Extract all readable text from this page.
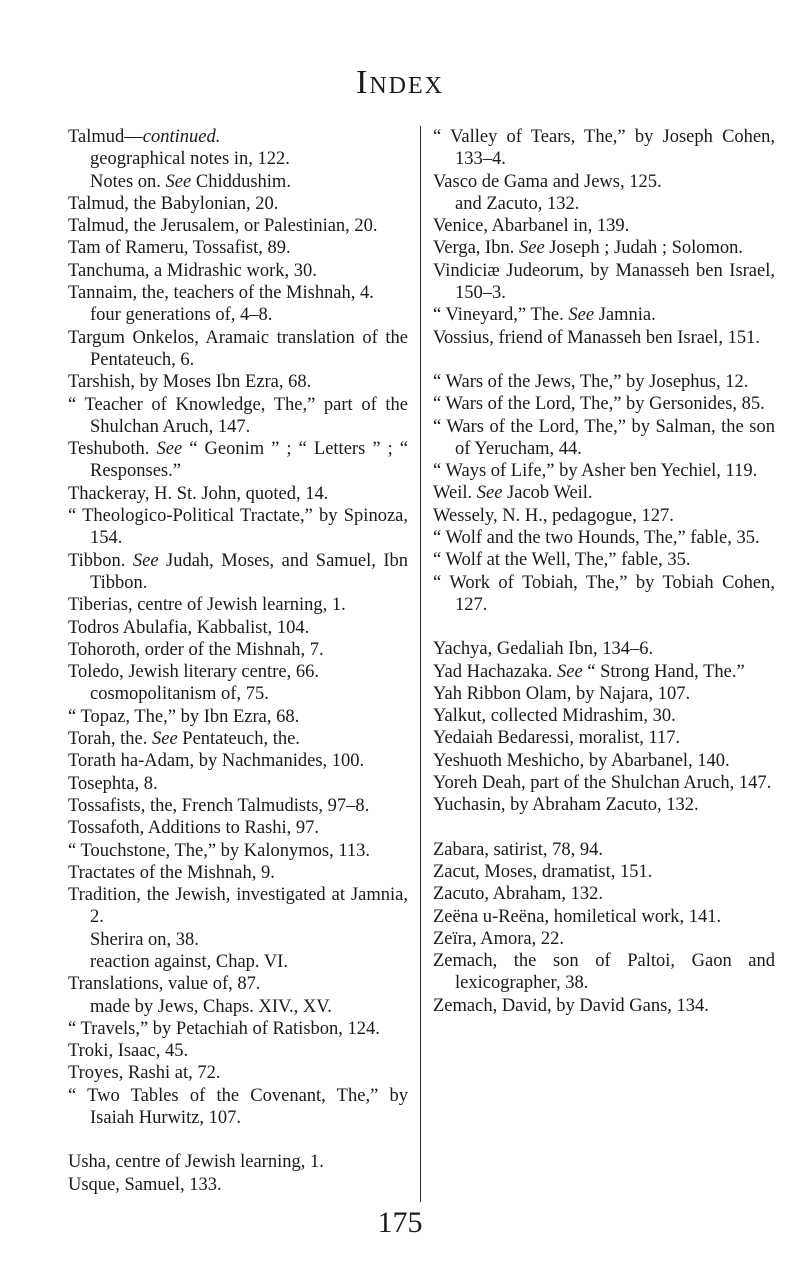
Index

Talmud—continued.

geographical notes in, 122.

Notes on. See Chiddushim.

Talmud, the Babylonian, 20.

Talmud, the Jerusalem, or Palestinian, 20.

Tam of Rameru, Tossafist, 89.

Tanchuma, a Midrashic work, 30.

Tannaim, the, teachers of the Mishnah, 4.

four generations of, 4–8.

Targum Onkelos, Aramaic translation of the Pentateuch, 6.

Tarshish, by Moses Ibn Ezra, 68.

“ Teacher of Knowledge, The,” part of the Shulchan Aruch, 147.

Teshuboth. See “ Geonim ” ; “ Letters ” ; “ Responses.”

Thackeray, H. St. John, quoted, 14.

“ Theologico-Political Tractate,” by Spinoza, 154.

Tibbon. See Judah, Moses, and Samuel, Ibn Tibbon.

Tiberias, centre of Jewish learning, 1.

Todros Abulafia, Kabbalist, 104.

Tohoroth, order of the Mishnah, 7.

Toledo, Jewish literary centre, 66.

cosmopolitanism of, 75.

“ Topaz, The,” by Ibn Ezra, 68.

Torah, the. See Pentateuch, the.

Torath ha-Adam, by Nachmanides, 100.

Tosephta, 8.

Tossafists, the, French Talmudists, 97–8.

Tossafoth, Additions to Rashi, 97.

“ Touchstone, The,” by Kalonymos, 113.

Tractates of the Mishnah, 9.

Tradition, the Jewish, investigated at Jamnia, 2.

Sherira on, 38.

reaction against, Chap. VI.

Translations, value of, 87.

made by Jews, Chaps. XIV., XV.

“ Travels,” by Petachiah of Ratisbon, 124.

Troki, Isaac, 45.

Troyes, Rashi at, 72.

“ Two Tables of the Covenant, The,” by Isaiah Hurwitz, 107.

Usha, centre of Jewish learning, 1.

Usque, Samuel, 133.

“ Valley of Tears, The,” by Joseph Cohen, 133–4.

Vasco de Gama and Jews, 125.

and Zacuto, 132.

Venice, Abarbanel in, 139.

Verga, Ibn. See Joseph ; Judah ; Solomon.

Vindiciæ Judeorum, by Manasseh ben Israel, 150–3.

“ Vineyard,” The. See Jamnia.

Vossius, friend of Manasseh ben Israel, 151.

“ Wars of the Jews, The,” by Josephus, 12.

“ Wars of the Lord, The,” by Gersonides, 85.

“ Wars of the Lord, The,” by Salman, the son of Yerucham, 44.

“ Ways of Life,” by Asher ben Yechiel, 119.

Weil. See Jacob Weil.

Wessely, N. H., pedagogue, 127.

“ Wolf and the two Hounds, The,” fable, 35.

“ Wolf at the Well, The,” fable, 35.

“ Work of Tobiah, The,” by Tobiah Cohen, 127.

Yachya, Gedaliah Ibn, 134–6.

Yad Hachazaka. See “ Strong Hand, The.”

Yah Ribbon Olam, by Najara, 107.

Yalkut, collected Midrashim, 30.

Yedaiah Bedaressi, moralist, 117.

Yeshuoth Meshicho, by Abarbanel, 140.

Yoreh Deah, part of the Shulchan Aruch, 147.

Yuchasin, by Abraham Zacuto, 132.

Zabara, satirist, 78, 94.

Zacut, Moses, dramatist, 151.

Zacuto, Abraham, 132.

Zeëna u-Reëna, homiletical work, 141.

Zeïra, Amora, 22.

Zemach, the son of Paltoi, Gaon and lexicographer, 38.

Zemach, David, by David Gans, 134.

175
